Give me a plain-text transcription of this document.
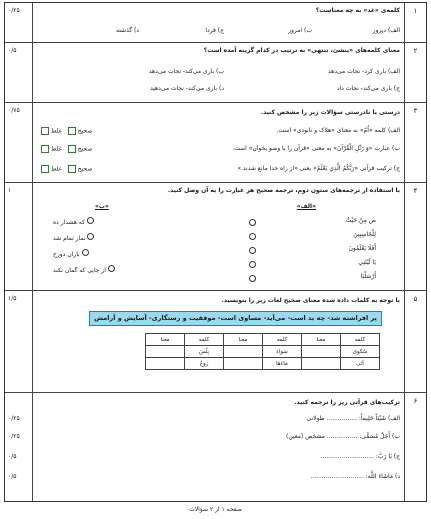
۱
۰/۲۵	کلمه‌ی «غد» به چه معناست؟
الف) دیروز
ب) امروز
ج) فردا
د) گذشته
۲
۰/۵	معنای کلمه‌های «ینشئ، تنتهی» به ترتیب در کدام گزینه آمده است؟
الف) باری کرد- نجات می‌دهد
ب) باری می‌کند- نجات می‌دهد
ج) باری می‌کند- نجات داد
د) باری می‌کند- نجات می‌دهید
۳
۰/۷۵	درستی یا نادرستی سؤالات زیر را مشخص کنید.
الف) کلمه «اُمّ» به معنای «هلاک و نابودی» است.
ب) عبارت «وَ رَتِّلِ الْقُرْآنَ» به معنی «قرآن را با وضو بخوان» است.
ج) ترکیب قرآنی «رَبُّكُمُ الَّذِي يَعْلَمُ» یعنی «از راه خدا مانع شدند.»
صحیح  غلط
صحیح  غلط
صحیح  غلط
۴
۱	با استفاده از ترجمه‌های ستون دوم، ترجمه صحیح هر عبارت را به آن وصل کنید.
«الف»
«ب»
ص مِنْ حَيْثُ
لِلْحَاسِبِينَ
أَفَلَا يَعْلَمُونَ
يَا لَيْتَنِي
أَرْسَلْنَا
که هشدار ده
نماز تمام شد
باران دوزخ
از جایی که گمان نکند
۵
۱/۵	با توجه به کلمات داده شده معنای صحیح لغات زیر را بنویسید.
پر افراشته شد- چه بد است- می‌آید- مساوی است- موفقیت و رستگاری- آسایش و آرامش
کلمه	معنا	کلمه	معنا	کلمه	معنا
سُکوی		سَواء		بِئْسَ	
آتَی		مَاءَهَا		رَوحٌ	
۶
۰/۲۵
۰/۲۵
۰/۵
۰/۵
ترکیب‌های قرآنی زیر را ترجمه کنید.
الف) شَيْئاً حَلِيماً: ................ طولانی
ب) أَجَلٌ مُسَمًّى: ................ مشخص (معین)
ج) يَا رَبَّ: ............................
د) مَاشَاءَ اللَّه: ............................
صفحه ۱ از ۲ سؤالات
